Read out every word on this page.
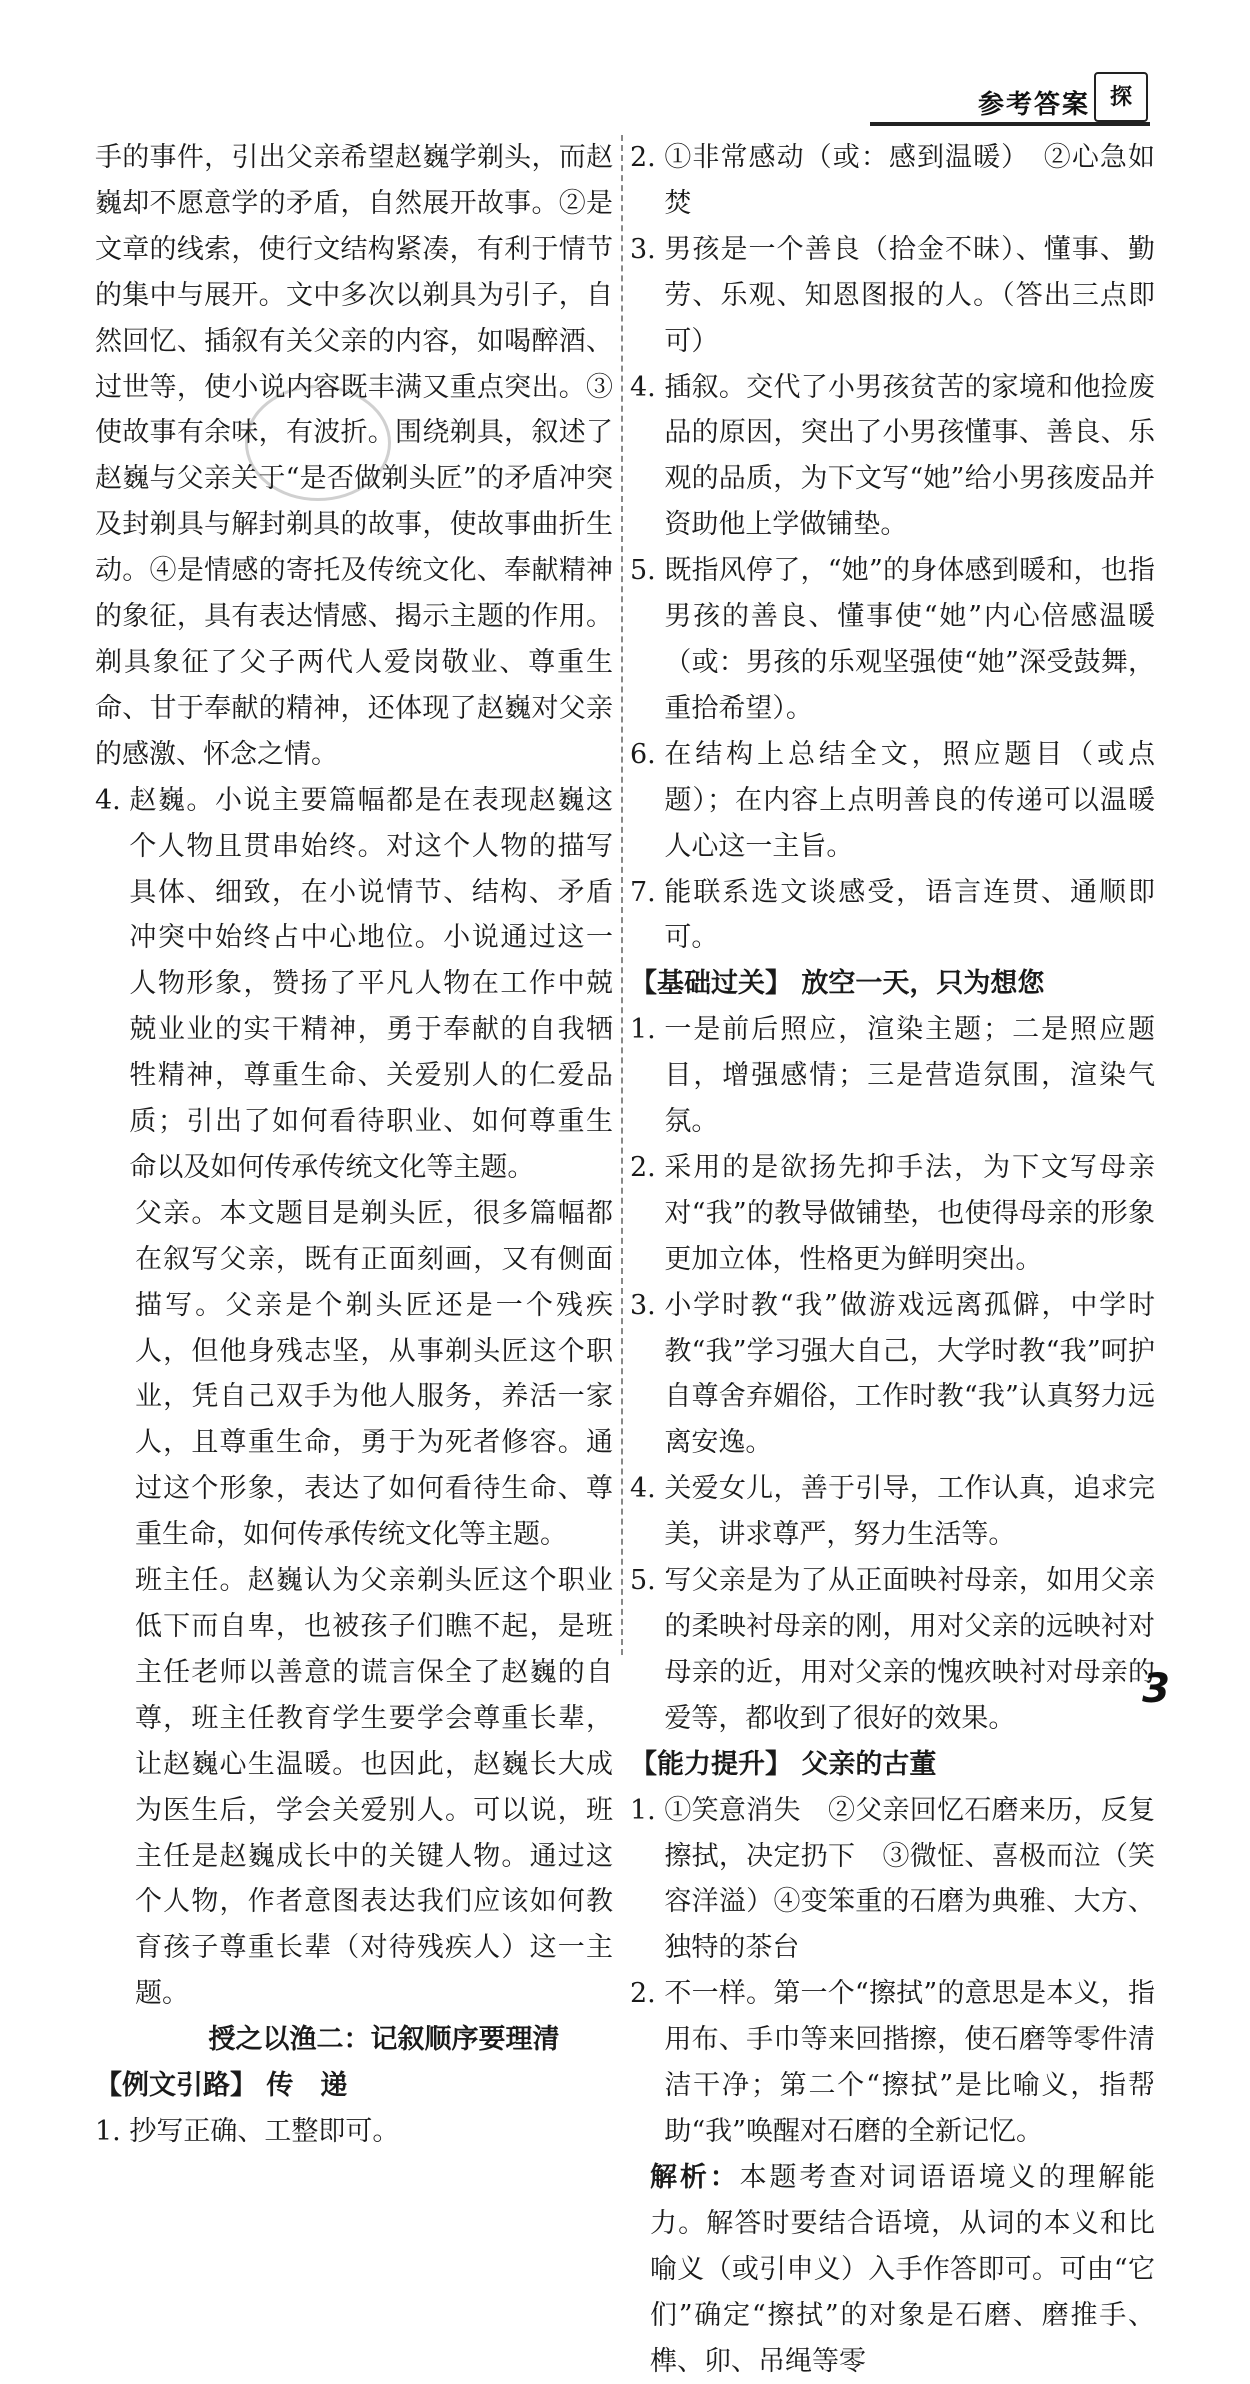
参考答案 探

手的事件，引出父亲希望赵巍学剃头，而赵巍却不愿意学的矛盾，自然展开故事。②是文章的线索，使行文结构紧凑，有利于情节的集中与展开。文中多次以剃具为引子，自然回忆、插叙有关父亲的内容，如喝醉酒、过世等，使小说内容既丰满又重点突出。③使故事有余味，有波折。围绕剃具，叙述了赵巍与父亲关于“是否做剃头匠”的矛盾冲突及封剃具与解封剃具的故事，使故事曲折生动。④是情感的寄托及传统文化、奉献精神的象征，具有表达情感、揭示主题的作用。剃具象征了父子两代人爱岗敬业、尊重生命、甘于奉献的精神，还体现了赵巍对父亲的感激、怀念之情。

4. 赵巍。小说主要篇幅都是在表现赵巍这个人物且贯串始终。对这个人物的描写具体、细致，在小说情节、结构、矛盾冲突中始终占中心地位。小说通过这一人物形象，赞扬了平凡人物在工作中兢兢业业的实干精神，勇于奉献的自我牺牲精神，尊重生命、关爱别人的仁爱品质；引出了如何看待职业、如何尊重生命以及如何传承传统文化等主题。

父亲。本文题目是剃头匠，很多篇幅都在叙写父亲，既有正面刻画，又有侧面描写。父亲是个剃头匠还是一个残疾人，但他身残志坚，从事剃头匠这个职业，凭自己双手为他人服务，养活一家人，且尊重生命，勇于为死者修容。通过这个形象，表达了如何看待生命、尊重生命，如何传承传统文化等主题。

班主任。赵巍认为父亲剃头匠这个职业低下而自卑，也被孩子们瞧不起，是班主任老师以善意的谎言保全了赵巍的自尊，班主任教育学生要学会尊重长辈，让赵巍心生温暖。也因此，赵巍长大成为医生后，学会关爱别人。可以说，班主任是赵巍成长中的关键人物。通过这个人物，作者意图表达我们应该如何教育孩子尊重长辈（对待残疾人）这一主题。

授之以渔二：记叙顺序要理清

【例文引路】 传　递

1. 抄写正确、工整即可。
2. ①非常感动（或：感到温暖）　②心急如焚
3. 男孩是一个善良（拾金不昧）、懂事、勤劳、乐观、知恩图报的人。（答出三点即可）
4. 插叙。交代了小男孩贫苦的家境和他捡废品的原因，突出了小男孩懂事、善良、乐观的品质，为下文写“她”给小男孩废品并资助他上学做铺垫。
5. 既指风停了，“她”的身体感到暖和，也指男孩的善良、懂事使“她”内心倍感温暖（或：男孩的乐观坚强使“她”深受鼓舞，重拾希望）。
6. 在结构上总结全文，照应题目（或点题）；在内容上点明善良的传递可以温暖人心这一主旨。
7. 能联系选文谈感受，语言连贯、通顺即可。

【基础过关】 放空一天，只为想您

1. 一是前后照应，渲染主题；二是照应题目，增强感情；三是营造氛围，渲染气氛。
2. 采用的是欲扬先抑手法，为下文写母亲对“我”的教导做铺垫，也使得母亲的形象更加立体，性格更为鲜明突出。
3. 小学时教“我”做游戏远离孤僻，中学时教“我”学习强大自己，大学时教“我”呵护自尊舍弃媚俗，工作时教“我”认真努力远离安逸。
4. 关爱女儿，善于引导，工作认真，追求完美，讲求尊严，努力生活等。
5. 写父亲是为了从正面映衬母亲，如用父亲的柔映衬母亲的刚，用对父亲的远映衬对母亲的近，用对父亲的愧疚映衬对母亲的爱等，都收到了很好的效果。

【能力提升】 父亲的古董

1. ①笑意消失　②父亲回忆石磨来历，反复擦拭，决定扔下　③微怔、喜极而泣（笑容洋溢）④变笨重的石磨为典雅、大方、独特的茶台
2. 不一样。第一个“擦拭”的意思是本义，指用布、手巾等来回揩擦，使石磨等零件清洁干净；第二个“擦拭”是比喻义，指帮助“我”唤醒对石磨的全新记忆。

解析：本题考查对词语语境义的理解能力。解答时要结合语境，从词的本义和比喻义（或引申义）入手作答即可。可由“它们”确定“擦拭”的对象是石磨、磨推手、榫、卯、吊绳等零

3
